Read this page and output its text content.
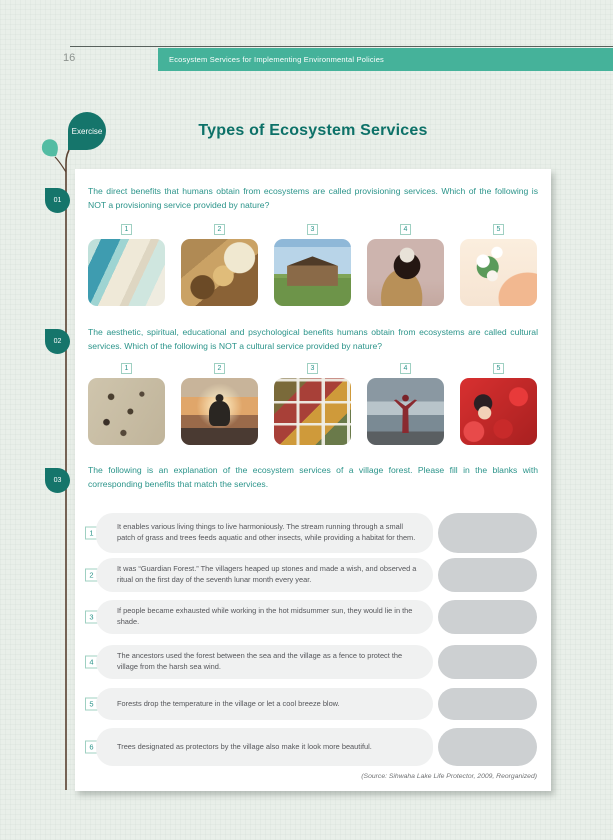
16	Ecosystem Services for Implementing Environmental Policies
Exercise	Types of Ecosystem Services
01
The direct benefits that humans obtain from ecosystems are called provisioning services. Which of the following is NOT a provisioning service provided by nature?
1	2	3	4	5
02
The aesthetic, spiritual, educational and psychological benefits humans obtain from ecosystems are called cultural services. Which of the following is NOT a cultural service provided by nature?
1	2	3	4	5
03
The following is an explanation of the ecosystem services of a village forest. Please fill in the blanks with corresponding benefits that match the services.
1
It enables various living things to live harmoniously. The stream running through a small patch of grass and trees feeds aquatic and other insects, while providing a habitat for them.
2
It was “Guardian Forest.” The villagers heaped up stones and made a wish, and observed a ritual on the first day of the seventh lunar month every year.
3
If people became exhausted while working in the hot midsummer sun, they would lie in the shade.
4
The ancestors used the forest between the sea and the village as a fence to protect the village from the harsh sea wind.
5	Forests drop the temperature in the village or let a cool breeze blow.
6	Trees designated as protectors by the village also make it look more beautiful.
(Source: Sihwaha Lake Life Protector, 2009, Reorganized)
